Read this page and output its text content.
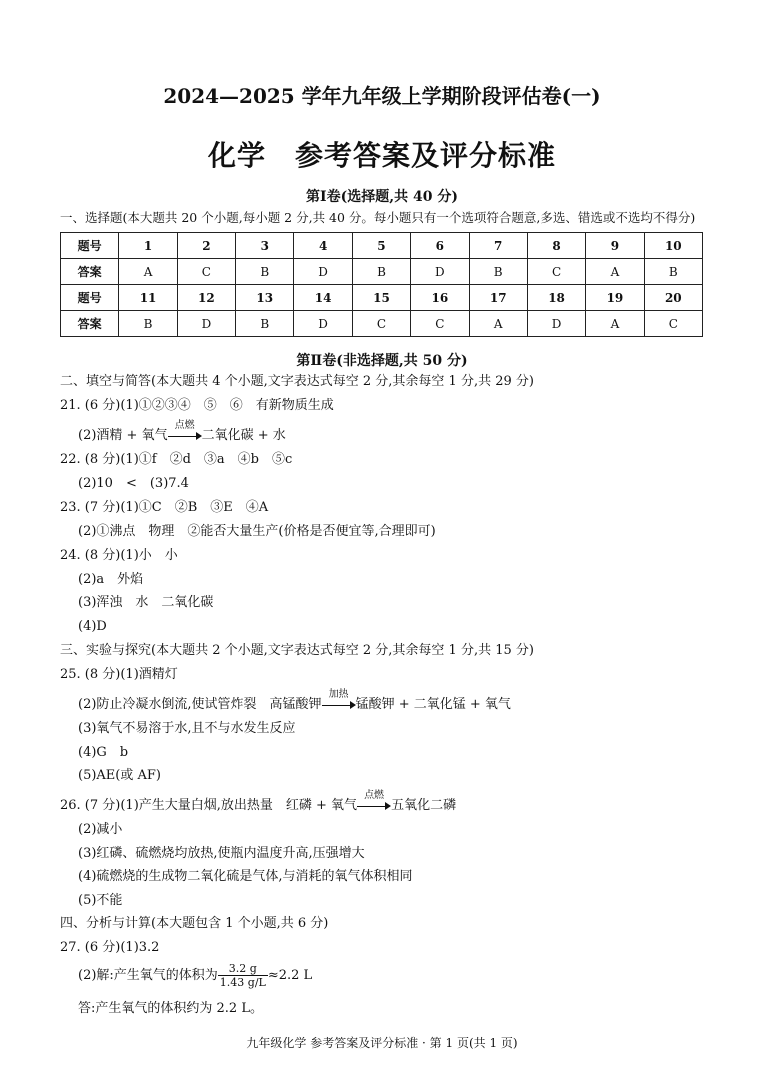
2024—2025 学年九年级上学期阶段评估卷(一)
化学　参考答案及评分标准
第Ⅰ卷(选择题,共 40 分)
一、选择题(本大题共 20 个小题,每小题 2 分,共 40 分。每小题只有一个选项符合题意,多选、错选或不选均不得分)
题号	1	2	3	4	5	6	7	8	9	10
答案	A	C	B	D	B	D	B	C	A	B
题号	11	12	13	14	15	16	17	18	19	20
答案	B	D	B	D	C	C	A	D	A	C
第Ⅱ卷(非选择题,共 50 分)
二、填空与简答(本大题共 4 个小题,文字表达式每空 2 分,其余每空 1 分,共 29 分)
21. (6 分)(1)①②③④　⑤　⑥　有新物质生成
(2)酒精 + 氧气
点燃
二氧化碳 + 水
22. (8 分)(1)①f　②d　③a　④b　⑤c
(2)10　<　(3)7.4
23. (7 分)(1)①C　②B　③E　④A
(2)①沸点　物理　②能否大量生产(价格是否便宜等,合理即可)
24. (8 分)(1)小　小
(2)a　外焰
(3)浑浊　水　二氧化碳
(4)D
三、实验与探究(本大题共 2 个小题,文字表达式每空 2 分,其余每空 1 分,共 15 分)
25. (8 分)(1)酒精灯
(2)防止冷凝水倒流,使试管炸裂　高锰酸钾
加热
锰酸钾 + 二氧化锰 + 氧气
(3)氧气不易溶于水,且不与水发生反应
(4)G　b
(5)AE(或 AF)
26. (7 分)(1)产生大量白烟,放出热量　红磷 + 氧气
点燃
五氧化二磷
(2)减小
(3)红磷、硫燃烧均放热,使瓶内温度升高,压强增大
(4)硫燃烧的生成物二氧化硫是气体,与消耗的氧气体积相同
(5)不能
四、分析与计算(本大题包含 1 个小题,共 6 分)
27. (6 分)(1)3.2
(2)解:产生氧气的体积为 $\frac{3.2 g}{1.43 g/L} \approx 2.2$ L
答:产生氧气的体积约为 2.2 L。
九年级化学 参考答案及评分标准 · 第 1 页(共 1 页)
